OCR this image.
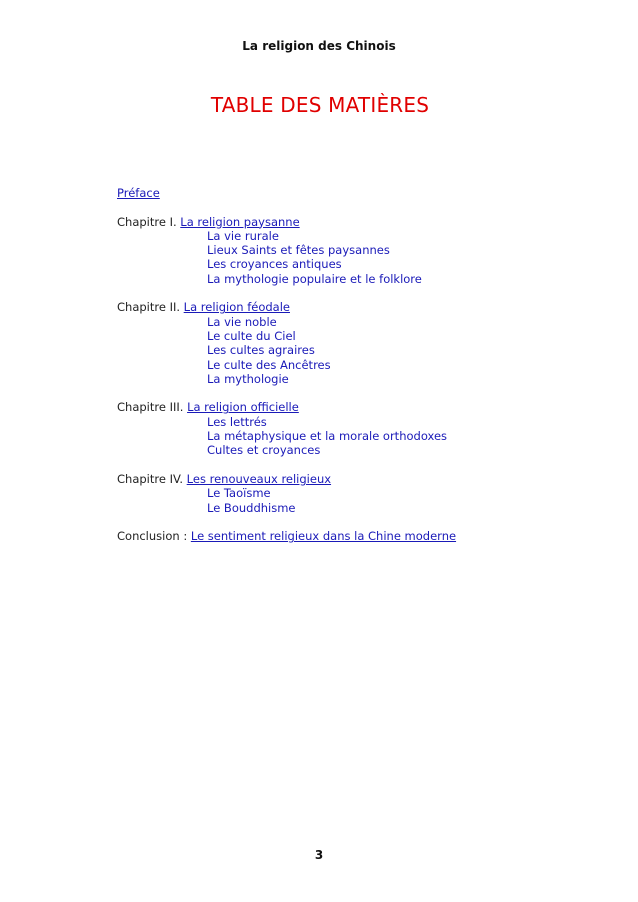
La religion des Chinois
TABLE DES MATIÈRES
Préface
Chapitre I. La religion paysanne
La vie rurale
Lieux Saints et fêtes paysannes
Les croyances antiques
La mythologie populaire et le folklore
Chapitre II. La religion féodale
La vie noble
Le culte du Ciel
Les cultes agraires
Le culte des Ancêtres
La mythologie
Chapitre III. La religion officielle
Les lettrés
La métaphysique et la morale orthodoxes
Cultes et croyances
Chapitre IV. Les renouveaux religieux
Le Taoïsme
Le Bouddhisme
Conclusion : Le sentiment religieux dans la Chine moderne
3
